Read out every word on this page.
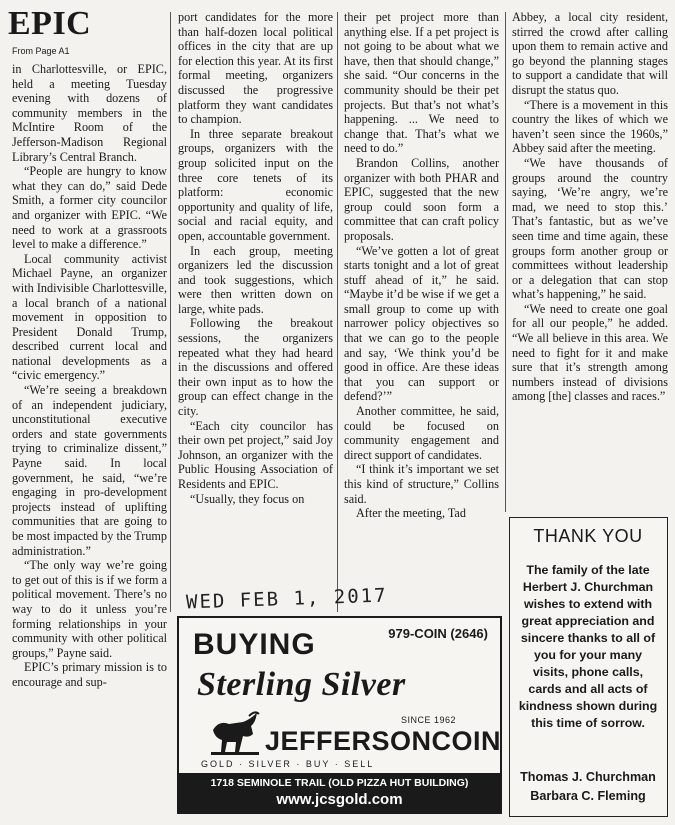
EPIC
From Page A1

in Charlottesville, or EPIC, held a meeting Tuesday evening with dozens of community members in the McIntire Room of the Jefferson-Madison Regional Library’s Central Branch.

“People are hungry to know what they can do,” said Dede Smith, a former city councilor and organizer with EPIC. “We need to work at a grassroots level to make a difference.”

Local community activist Michael Payne, an organizer with Indivisible Charlottesville, a local branch of a national movement in opposition to President Donald Trump, described current local and national developments as a “civic emergency.”

“We’re seeing a breakdown of an independent judiciary, unconstitutional executive orders and state governments trying to criminalize dissent,” Payne said. In local government, he said, “we’re engaging in pro-development projects instead of uplifting communities that are going to be most impacted by the Trump administration.”

“The only way we’re going to get out of this is if we form a political movement. There’s no way to do it unless you’re forming relationships in your community with other political groups,” Payne said.

EPIC’s primary mission is to encourage and sup-

port candidates for the more than half-dozen local political offices in the city that are up for election this year. At its first formal meeting, organizers discussed the progressive platform they want candidates to champion.

In three separate breakout groups, organizers with the group solicited input on the three core tenets of its platform: economic opportunity and quality of life, social and racial equity, and open, accountable government.

In each group, meeting organizers led the discussion and took suggestions, which were then written down on large, white pads.

Following the breakout sessions, the organizers repeated what they had heard in the discussions and offered their own input as to how the group can effect change in the city.

“Each city councilor has their own pet project,” said Joy Johnson, an organizer with the Public Housing Association of Residents and EPIC.

“Usually, they focus on

their pet project more than anything else. If a pet project is not going to be about what we have, then that should change,” she said. “Our concerns in the community should be their pet projects. But that’s not what’s happening. ... We need to change that. That’s what we need to do.”

Brandon Collins, another organizer with both PHAR and EPIC, suggested that the new group could soon form a committee that can craft policy proposals.

“We’ve gotten a lot of great starts tonight and a lot of great stuff ahead of it,” he said. “Maybe it’d be wise if we get a small group to come up with narrower policy objectives so that we can go to the people and say, ‘We think you’d be good in office. Are these ideas that you can support or defend?’”

Another committee, he said, could be focused on community engagement and direct support of candidates.

“I think it’s important we set this kind of structure,” Collins said.

After the meeting, Tad

Abbey, a local city resident, stirred the crowd after calling upon them to remain active and go beyond the planning stages to support a candidate that will disrupt the status quo.

“There is a movement in this country the likes of which we haven’t seen since the 1960s,” Abbey said after the meeting.

“We have thousands of groups around the country saying, ‘We’re angry, we’re mad, we need to stop this.’ That’s fantastic, but as we’ve seen time and time again, these groups form another group or committees without leadership or a delegation that can stop what’s happening,” he said.

“We need to create one goal for all our people,” he added. “We all believe in this area. We need to fight for it and make sure that it’s strength among numbers instead of divisions among [the] classes and races.”

WED FEB 1, 2017
BUYING	979-COIN (2646)
Sterling Silver
SINCE 1962
JEFFERSONCOIN
GOLD · SILVER · BUY · SELL
1718 SEMINOLE TRAIL (OLD PIZZA HUT BUILDING)
www.jcsgold.com
THANK YOU
The family of the late Herbert J. Churchman wishes to extend with great appreciation and sincere thanks to all of you for your many visits, phone calls, cards and all acts of kindness shown during this time of sorrow.
Thomas J. Churchman
Barbara C. Fleming
